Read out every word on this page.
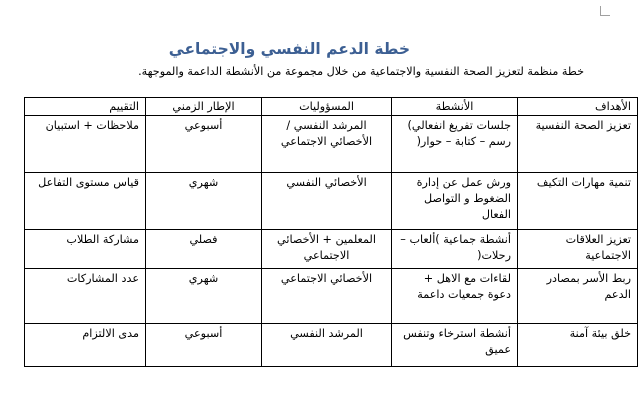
خطة الدعم النفسي والاجتماعي
خطة منظمة لتعزيز الصحة النفسية والاجتماعية من خلال مجموعة من الأنشطة الداعمة والموجهة.
الأهداف	الأنشطة	المسؤوليات	الإطار الزمني	التقييم
تعزيز الصحة النفسية	جلسات تفريغ انفعالي) رسم – كتابة – حوار(	المرشد النفسي / الأخصائي الاجتماعي	أسبوعي	ملاحظات + استبيان
تنمية مهارات التكيف	ورش عمل عن إدارة الضغوط و التواصل الفعال	الأخصائي النفسي	شهري	قياس مستوى التفاعل
تعزيز العلاقات الاجتماعية	أنشطة جماعية )ألعاب – رحلات(	المعلمين + الأخصائي الاجتماعي	فصلي	مشاركة الطلاب
ربط الأسر بمصادر الدعم	لقاءات مع الاهل + دعوة جمعيات داعمة	الأخصائي الاجتماعي	شهري	عدد المشاركات
خلق بيئة آمنة	أنشطة استرخاء وتنفس عميق	المرشد النفسي	أسبوعي	مدى الالتزام
